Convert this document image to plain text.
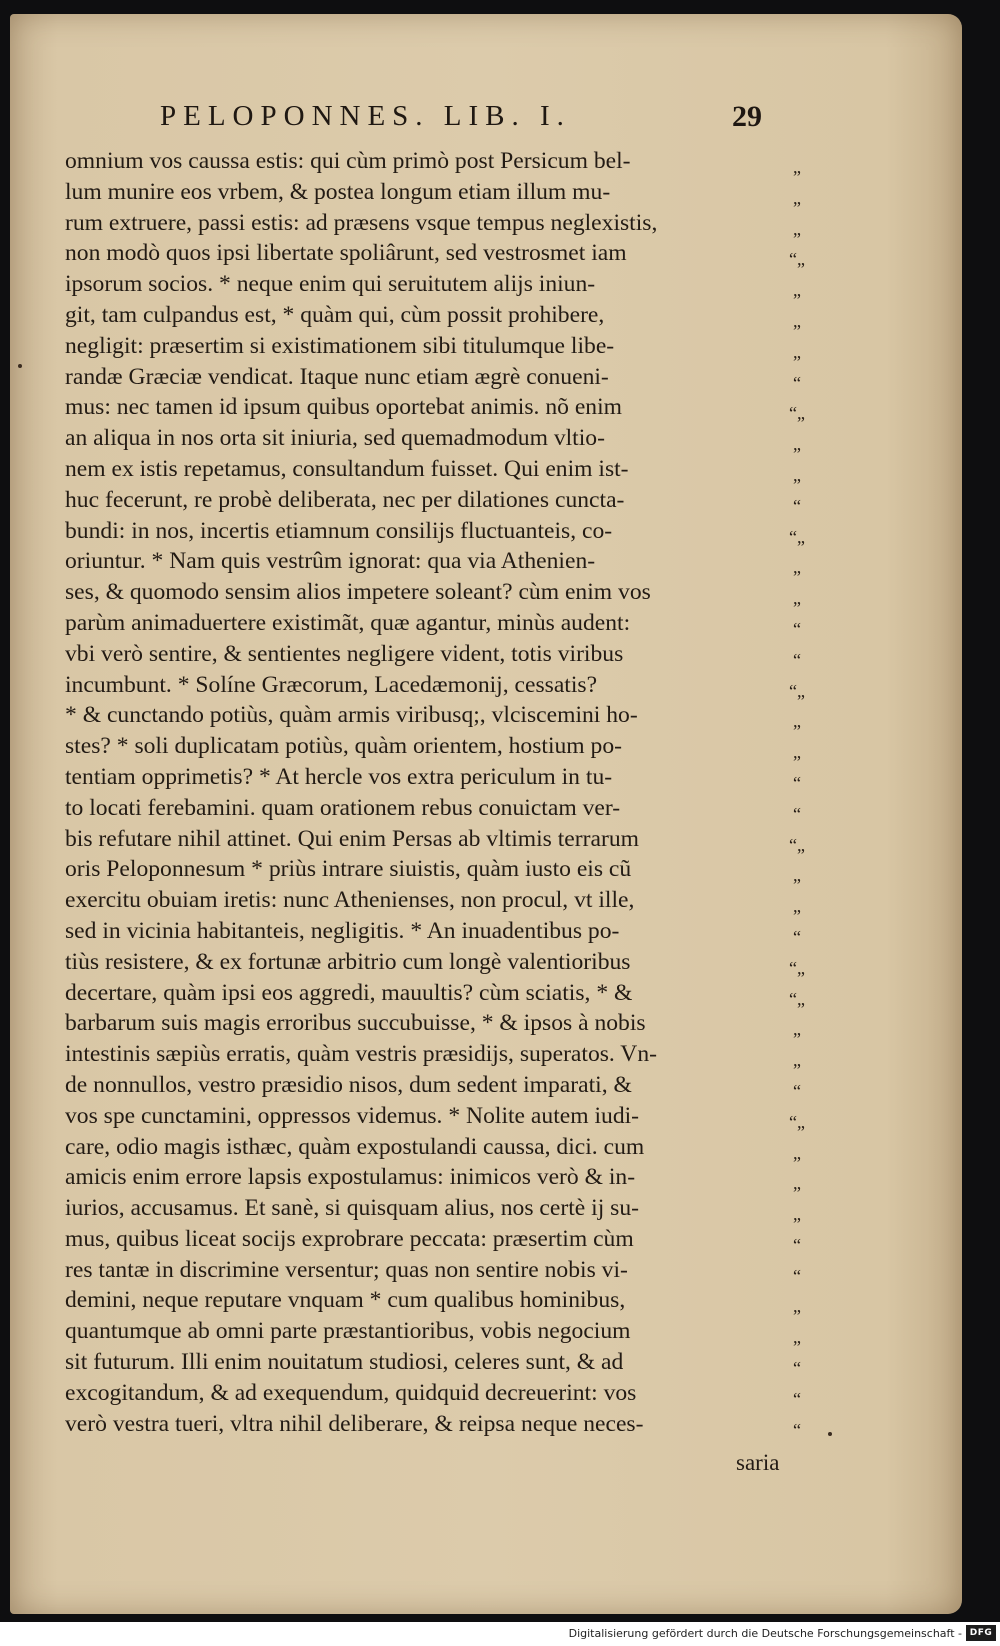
PELOPONNES. LIB. I.	29
omnium vos caussa estis: qui cùm primò post Persicum bel-
lum munire eos vrbem, & postea longum etiam illum mu-
rum extruere, passi estis: ad præsens vsque tempus neglexistis,
non modò quos ipsi libertate spoliârunt, sed vestrosmet iam
ipsorum socios. * neque enim qui seruitutem alijs iniun-
git, tam culpandus est, * quàm qui, cùm possit prohibere,
negligit: præsertim si existimationem sibi titulumque libe-
randæ Græciæ vendicat. Itaque nunc etiam ægrè conueni-
mus: nec tamen id ipsum quibus oportebat animis. nõ enim
an aliqua in nos orta sit iniuria, sed quemadmodum vltio-
nem ex istis repetamus, consultandum fuisset. Qui enim ist-
huc fecerunt, re probè deliberata, nec per dilationes cuncta-
bundi: in nos, incertis etiamnum consilijs fluctuanteis, co-
oriuntur. * Nam quis vestrûm ignorat: qua via Athenien-
ses, & quomodo sensim alios impetere soleant? cùm enim vos
parùm animaduertere existimãt, quæ agantur, minùs audent:
vbi verò sentire, & sentientes negligere vident, totis viribus
incumbunt. * Solíne Græcorum, Lacedæmonij, cessatis?
* & cunctando potiùs, quàm armis viribusq;, vlciscemini ho-
stes? * soli duplicatam potiùs, quàm orientem, hostium po-
tentiam opprimetis? * At hercle vos extra periculum in tu-
to locati ferebamini. quam orationem rebus conuictam ver-
bis refutare nihil attinet. Qui enim Persas ab vltimis terrarum
oris Peloponnesum * priùs intrare siuistis, quàm iusto eis cũ
exercitu obuiam iretis: nunc Athenienses, non procul, vt ille,
sed in vicinia habitanteis, negligitis. * An inuadentibus po-
tiùs resistere, & ex fortunæ arbitrio cum longè valentioribus
decertare, quàm ipsi eos aggredi, mauultis? cùm sciatis, * &
barbarum suis magis erroribus succubuisse, * & ipsos à nobis
intestinis sæpiùs erratis, quàm vestris præsidijs, superatos. Vn-
de nonnullos, vestro præsidio nisos, dum sedent imparati, &
vos spe cunctamini, oppressos videmus. * Nolite autem iudi-
care, odio magis isthæc, quàm expostulandi caussa, dici. cum
amicis enim errore lapsis expostulamus: inimicos verò & in-
iurios, accusamus. Et sanè, si quisquam alius, nos certè ij su-
mus, quibus liceat socijs exprobrare peccata: præsertim cùm
res tantæ in discrimine versentur; quas non sentire nobis vi-
demini, neque reputare vnquam * cum qualibus hominibus,
quantumque ab omni parte præstantioribus, vobis negocium
sit futurum. Illi enim nouitatum studiosi, celeres sunt, & ad
excogitandum, & ad exequendum, quidquid decreuerint: vos
verò vestra tueri, vltra nihil deliberare, & reipsa neque neces-
„
„
„
“„
„
„
„
“
“„
„
„
“
“„
„
„
“
“
“„
„
„
“
“
“„
„
„
“
“„
“„
„
„
“
“„
„
„
„
“
“
„
„
“
“
“
saria
Digitalisierung gefördert durch die Deutsche Forschungsgemeinschaft - DFG
